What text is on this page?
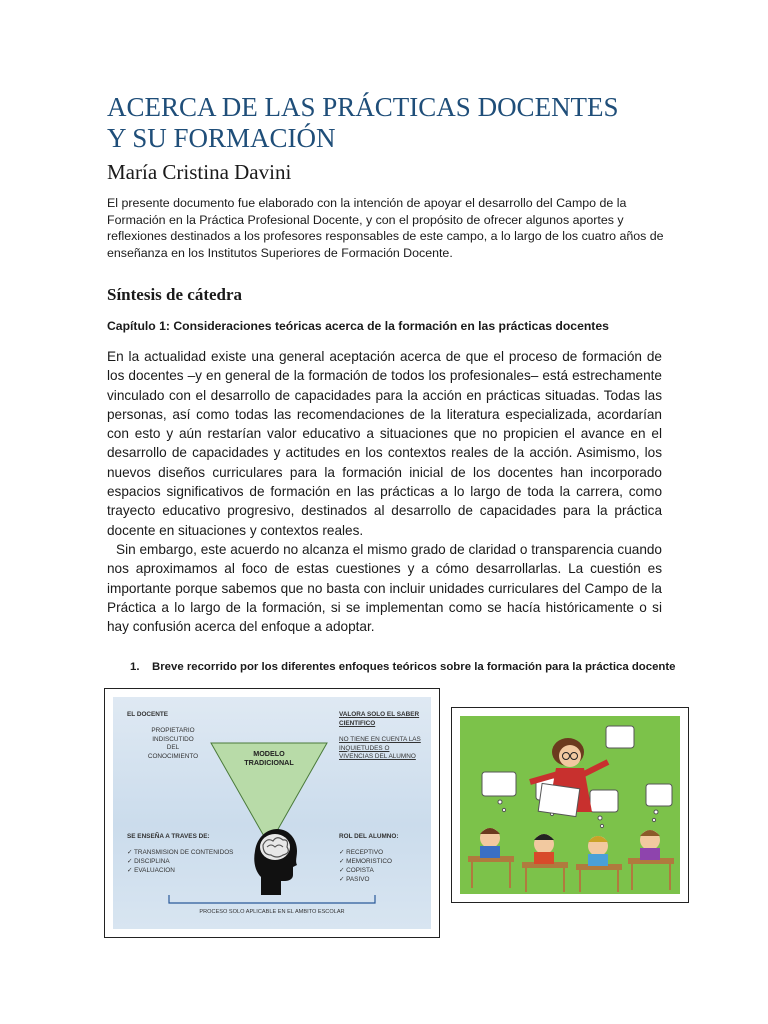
ACERCA DE LAS PRÁCTICAS DOCENTES
Y SU FORMACIÓN
María Cristina Davini
El presente documento fue elaborado con la intención de apoyar el desarrollo del Campo de la Formación en la Práctica Profesional Docente, y con el propósito de ofrecer algunos aportes y reflexiones destinados a los profesores responsables de este campo, a lo largo de los cuatro años de enseñanza en los Institutos Superiores de Formación Docente.
Síntesis de cátedra
Capítulo 1: Consideraciones teóricas acerca de la formación en las prácticas docentes

En la actualidad existe una general aceptación acerca de que el proceso de formación de los docentes –y en general de la formación de todos los profesionales– está estrechamente vinculado con el desarrollo de capacidades para la acción en prácticas situadas. Todas las personas, así como todas las recomendaciones de la literatura especializada, acordarían con esto y aún restarían valor educativo a situaciones que no propicien el avance en el desarrollo de capacidades y actitudes en los contextos reales de la acción. Asimismo, los nuevos diseños curriculares para la formación inicial de los docentes han incorporado espacios significativos de formación en las prácticas a lo largo de toda la carrera, como trayecto educativo progresivo, destinados al desarrollo de capacidades para la práctica docente en situaciones y contextos reales.

Sin embargo, este acuerdo no alcanza el mismo grado de claridad o transparencia cuando nos aproximamos al foco de estas cuestiones y a cómo desarrollarlas. La cuestión es importante porque sabemos que no basta con incluir unidades curriculares del Campo de la Práctica a lo largo de la formación, si se implementan como se hacía históricamente o si hay confusión acerca del enfoque a adoptar.

1. Breve recorrido por los diferentes enfoques teóricos sobre la formación para la práctica docente
EL DOCENTE
PROPIETARIO
INDISCUTIDO
DEL
CONOCIMIENTO
VALORA SOLO EL SABER CIENTIFICO
NO TIENE EN CUENTA LAS INQUIETUDES O VIVENCIAS DEL ALUMNO
MODELO TRADICIONAL
SE ENSEÑA A TRAVES DE:
✓ TRANSMISION DE CONTENIDOS
✓ DISCIPLINA
✓ EVALUACION
ROL DEL ALUMNO:
✓ RECEPTIVO
✓ MEMORISTICO
✓ COPISTA
✓ PASIVO
PROCESO SOLO APLICABLE EN EL AMBITO ESCOLAR
